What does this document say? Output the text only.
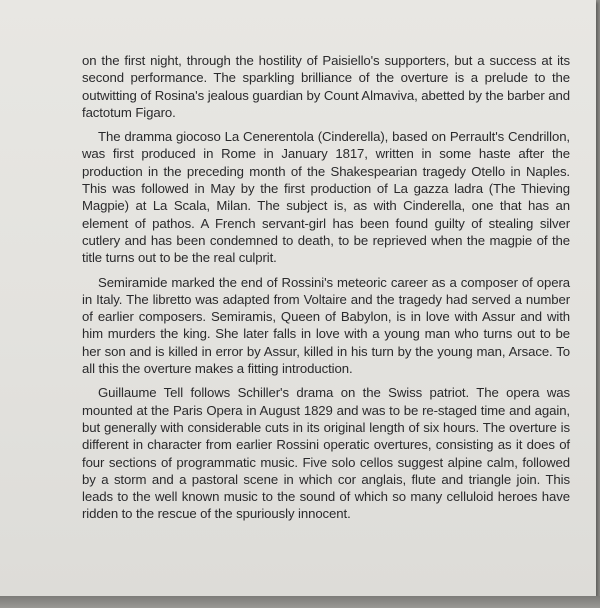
on the first night, through the hostility of Paisiello's supporters, but a success at its second performance. The sparkling brilliance of the overture is a prelude to the outwitting of Rosina's jealous guardian by Count Almaviva, abetted by the barber and factotum Figaro.

The dramma giocoso La Cenerentola (Cinderella), based on Perrault's Cendrillon, was first produced in Rome in January 1817, written in some haste after the production in the preceding month of the Shakespearian tragedy Otello in Naples. This was followed in May by the first production of La gazza ladra (The Thieving Magpie) at La Scala, Milan. The subject is, as with Cinderella, one that has an element of pathos. A French servant-girl has been found guilty of stealing silver cutlery and has been condemned to death, to be reprieved when the magpie of the title turns out to be the real culprit.

Semiramide marked the end of Rossini's meteoric career as a composer of opera in Italy. The libretto was adapted from Voltaire and the tragedy had served a number of earlier composers. Semiramis, Queen of Babylon, is in love with Assur and with him murders the king. She later falls in love with a young man who turns out to be her son and is killed in error by Assur, killed in his turn by the young man, Arsace. To all this the overture makes a fitting introduction.

Guillaume Tell follows Schiller's drama on the Swiss patriot. The opera was mounted at the Paris Opera in August 1829 and was to be re-staged time and again, but generally with considerable cuts in its original length of six hours. The overture is different in character from earlier Rossini operatic overtures, consisting as it does of four sections of programmatic music. Five solo cellos suggest alpine calm, followed by a storm and a pastoral scene in which cor anglais, flute and triangle join. This leads to the well known music to the sound of which so many celluloid heroes have ridden to the rescue of the spuriously innocent.
